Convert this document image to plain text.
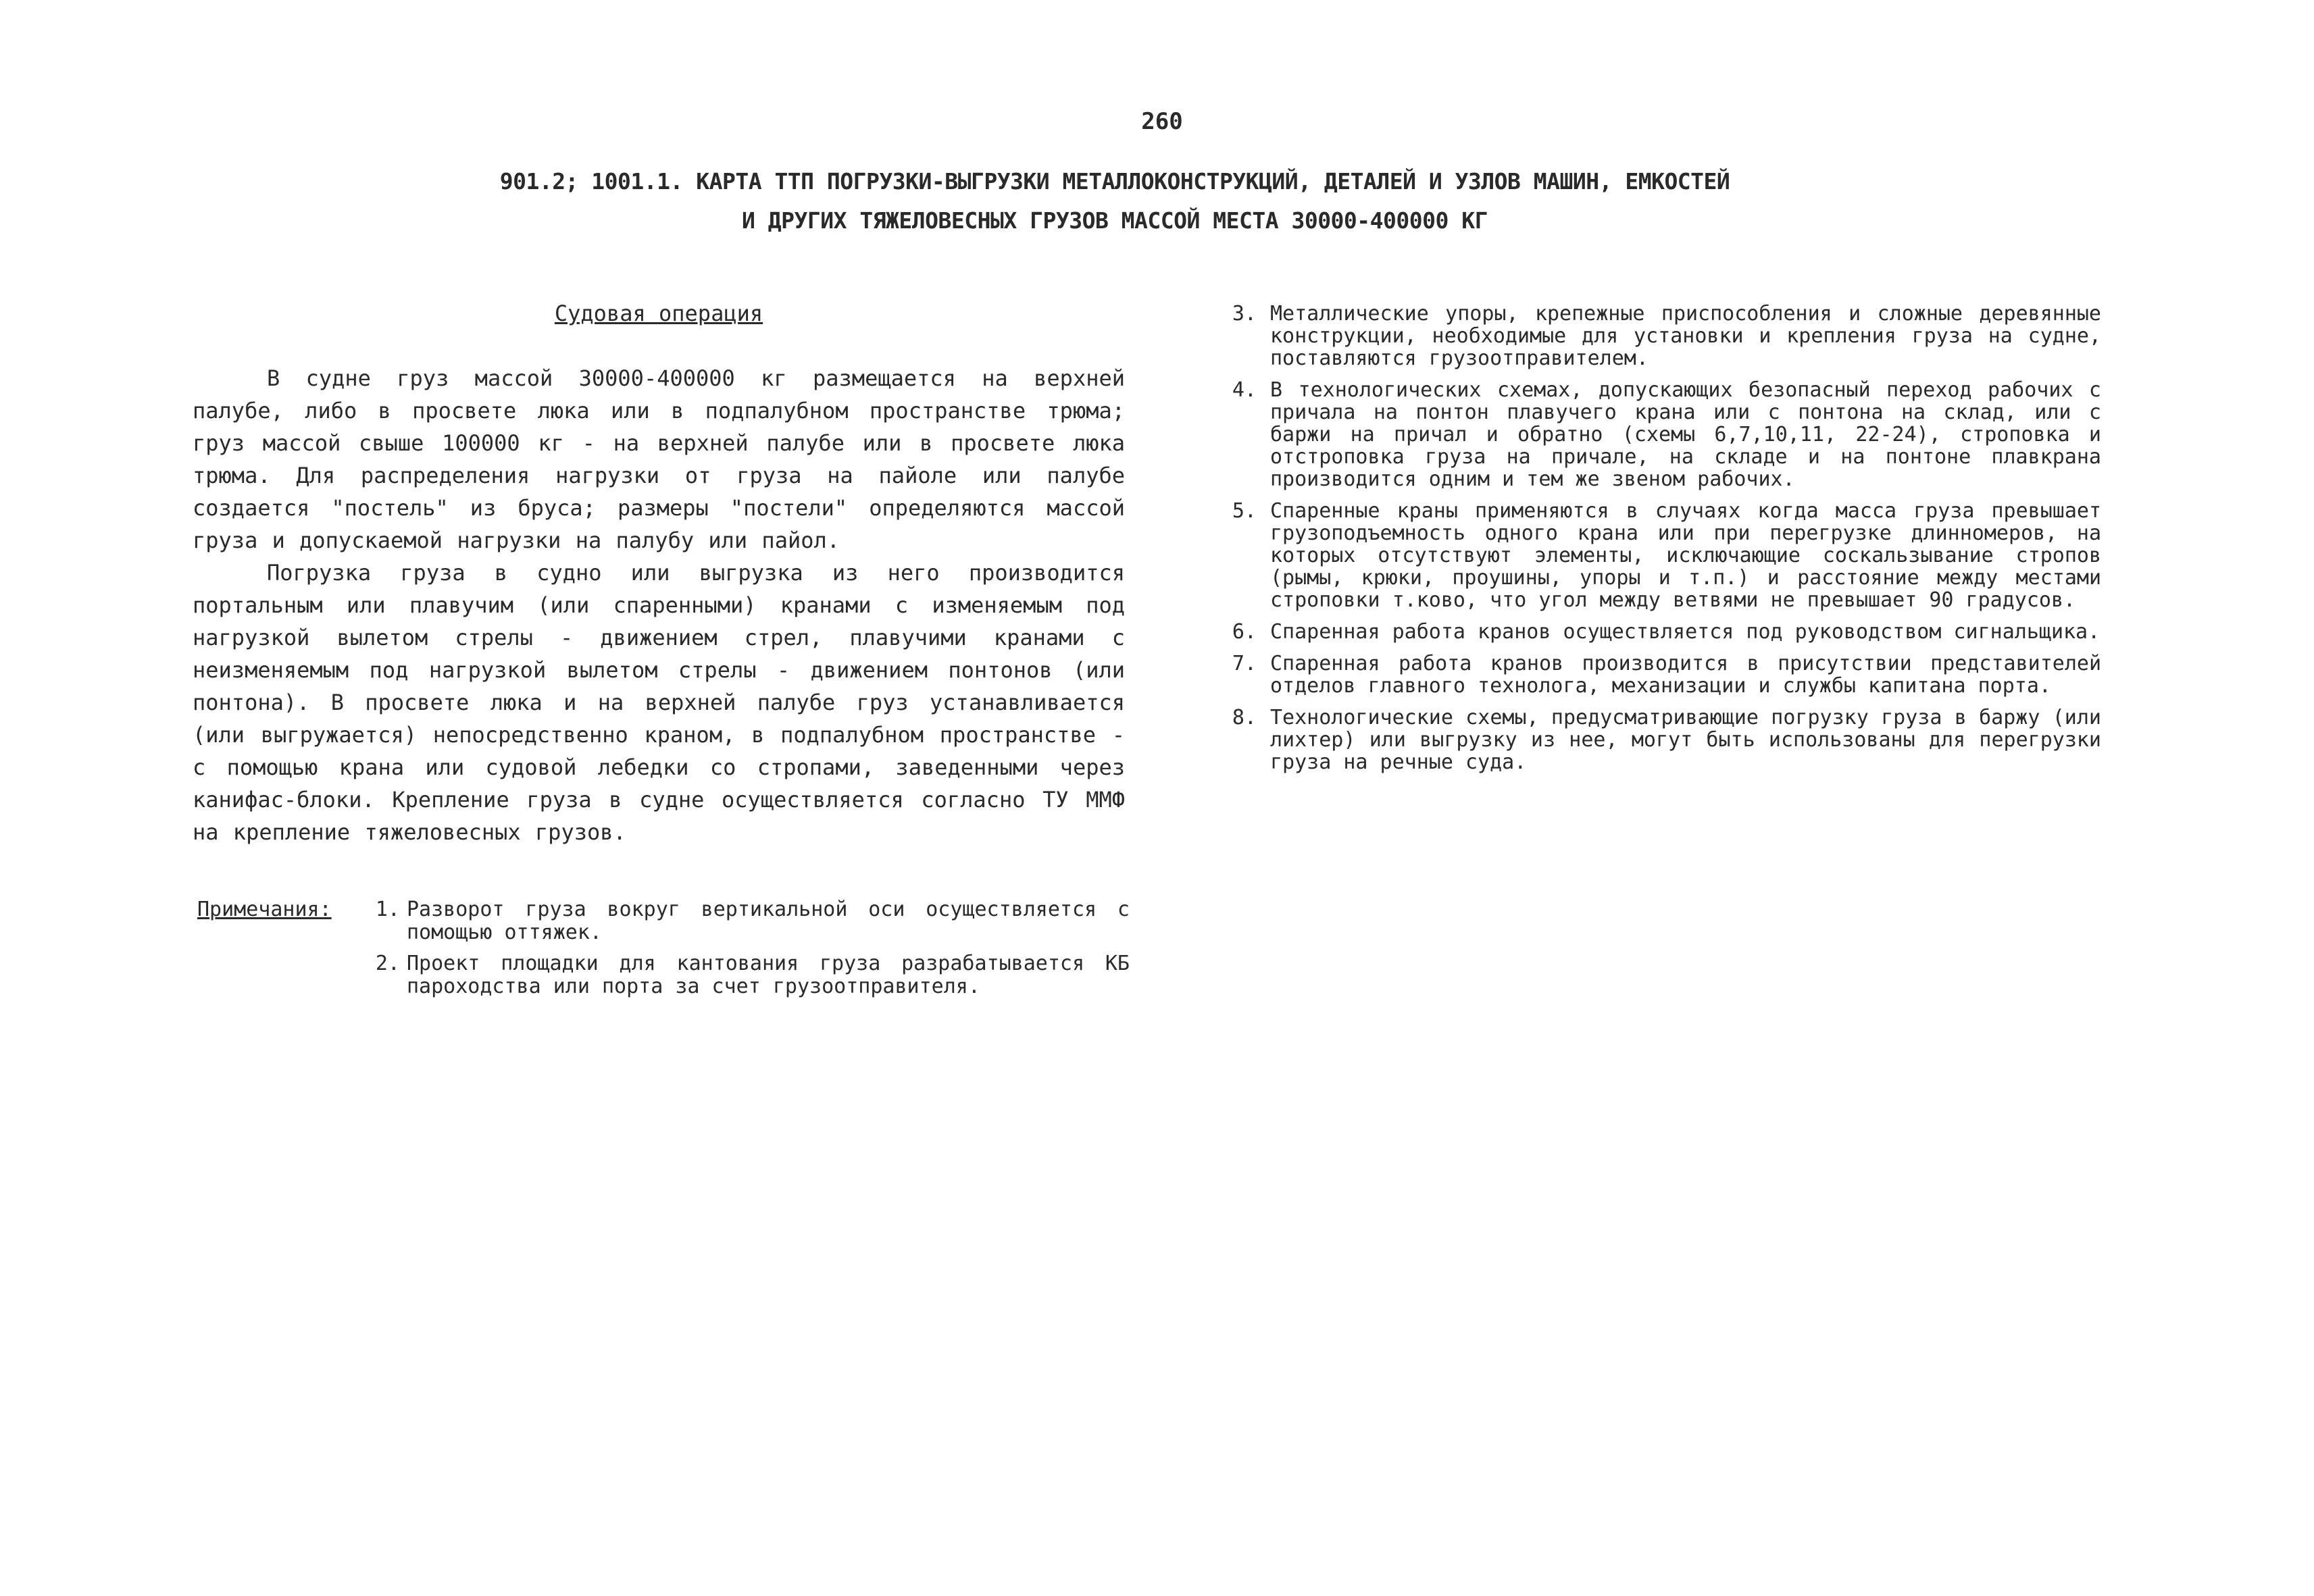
260
901.2; 1001.1. КАРТА ТТП ПОГРУЗКИ-ВЫГРУЗКИ МЕТАЛЛОКОНСТРУКЦИЙ, ДЕТАЛЕЙ И УЗЛОВ МАШИН, ЕМКОСТЕЙ
И ДРУГИХ ТЯЖЕЛОВЕСНЫХ ГРУЗОВ МАССОЙ МЕСТА 30000-400000 КГ
Судовая операция

В судне груз массой 30000-400000 кг размещается на верхней палубе, либо в просвете люка или в подпалубном пространстве трюма; груз массой свыше 100000 кг - на верхней палубе или в просвете люка трюма. Для распределения нагрузки от груза на пайоле или палубе создается "постель" из бруса; размеры "постели" определяются массой груза и допускаемой нагрузки на палубу или пайол.

Погрузка груза в судно или выгрузка из него производится портальным или плавучим (или спаренными) кранами с изменяемым под нагрузкой вылетом стрелы - движением стрел, плавучими кранами с неизменяемым под нагрузкой вылетом стрелы - движением понтонов (или понтона). В просвете люка и на верхней палубе груз устанавливается (или выгружается) непосредственно краном, в подпалубном пространстве - с помощью крана или судовой лебедки со стропами, заведенными через канифас-блоки. Крепление груза в судне осуществляется согласно ТУ ММФ на крепление тяжеловесных грузов.

Примечания:	1. Разворот груза вокруг вертикальной оси осуществляется с помощью оттяжек.
2. Проект площадки для кантования груза разрабатывается КБ пароходства или порта за счет грузоотправителя.
3. Металлические упоры, крепежные приспособления и сложные деревянные конструкции, необходимые для установки и крепления груза на судне, поставляются грузоотправителем.
4. В технологических схемах, допускающих безопасный переход рабочих с причала на понтон плавучего крана или с понтона на склад, или с баржи на причал и обратно (схемы 6,7,10,11, 22-24), строповка и отстроповка груза на причале, на складе и на понтоне плавкрана производится одним и тем же звеном рабочих.
5. Спаренные краны применяются в случаях когда масса груза превышает грузоподъемность одного крана или при перегрузке длинномеров, на которых отсутствуют элементы, исключающие соскальзывание стропов (рымы, крюки, проушины, упоры и т.п.) и расстояние между местами строповки т.ково, что угол между ветвями не превышает 90 градусов.
6. Спаренная работа кранов осуществляется под руководством сигнальщика.
7. Спаренная работа кранов производится в присутствии представителей отделов главного технолога, механизации и службы капитана порта.
8. Технологические схемы, предусматривающие погрузку груза в баржу (или лихтер) или выгрузку из нее, могут быть использованы для перегрузки груза на речные суда.
